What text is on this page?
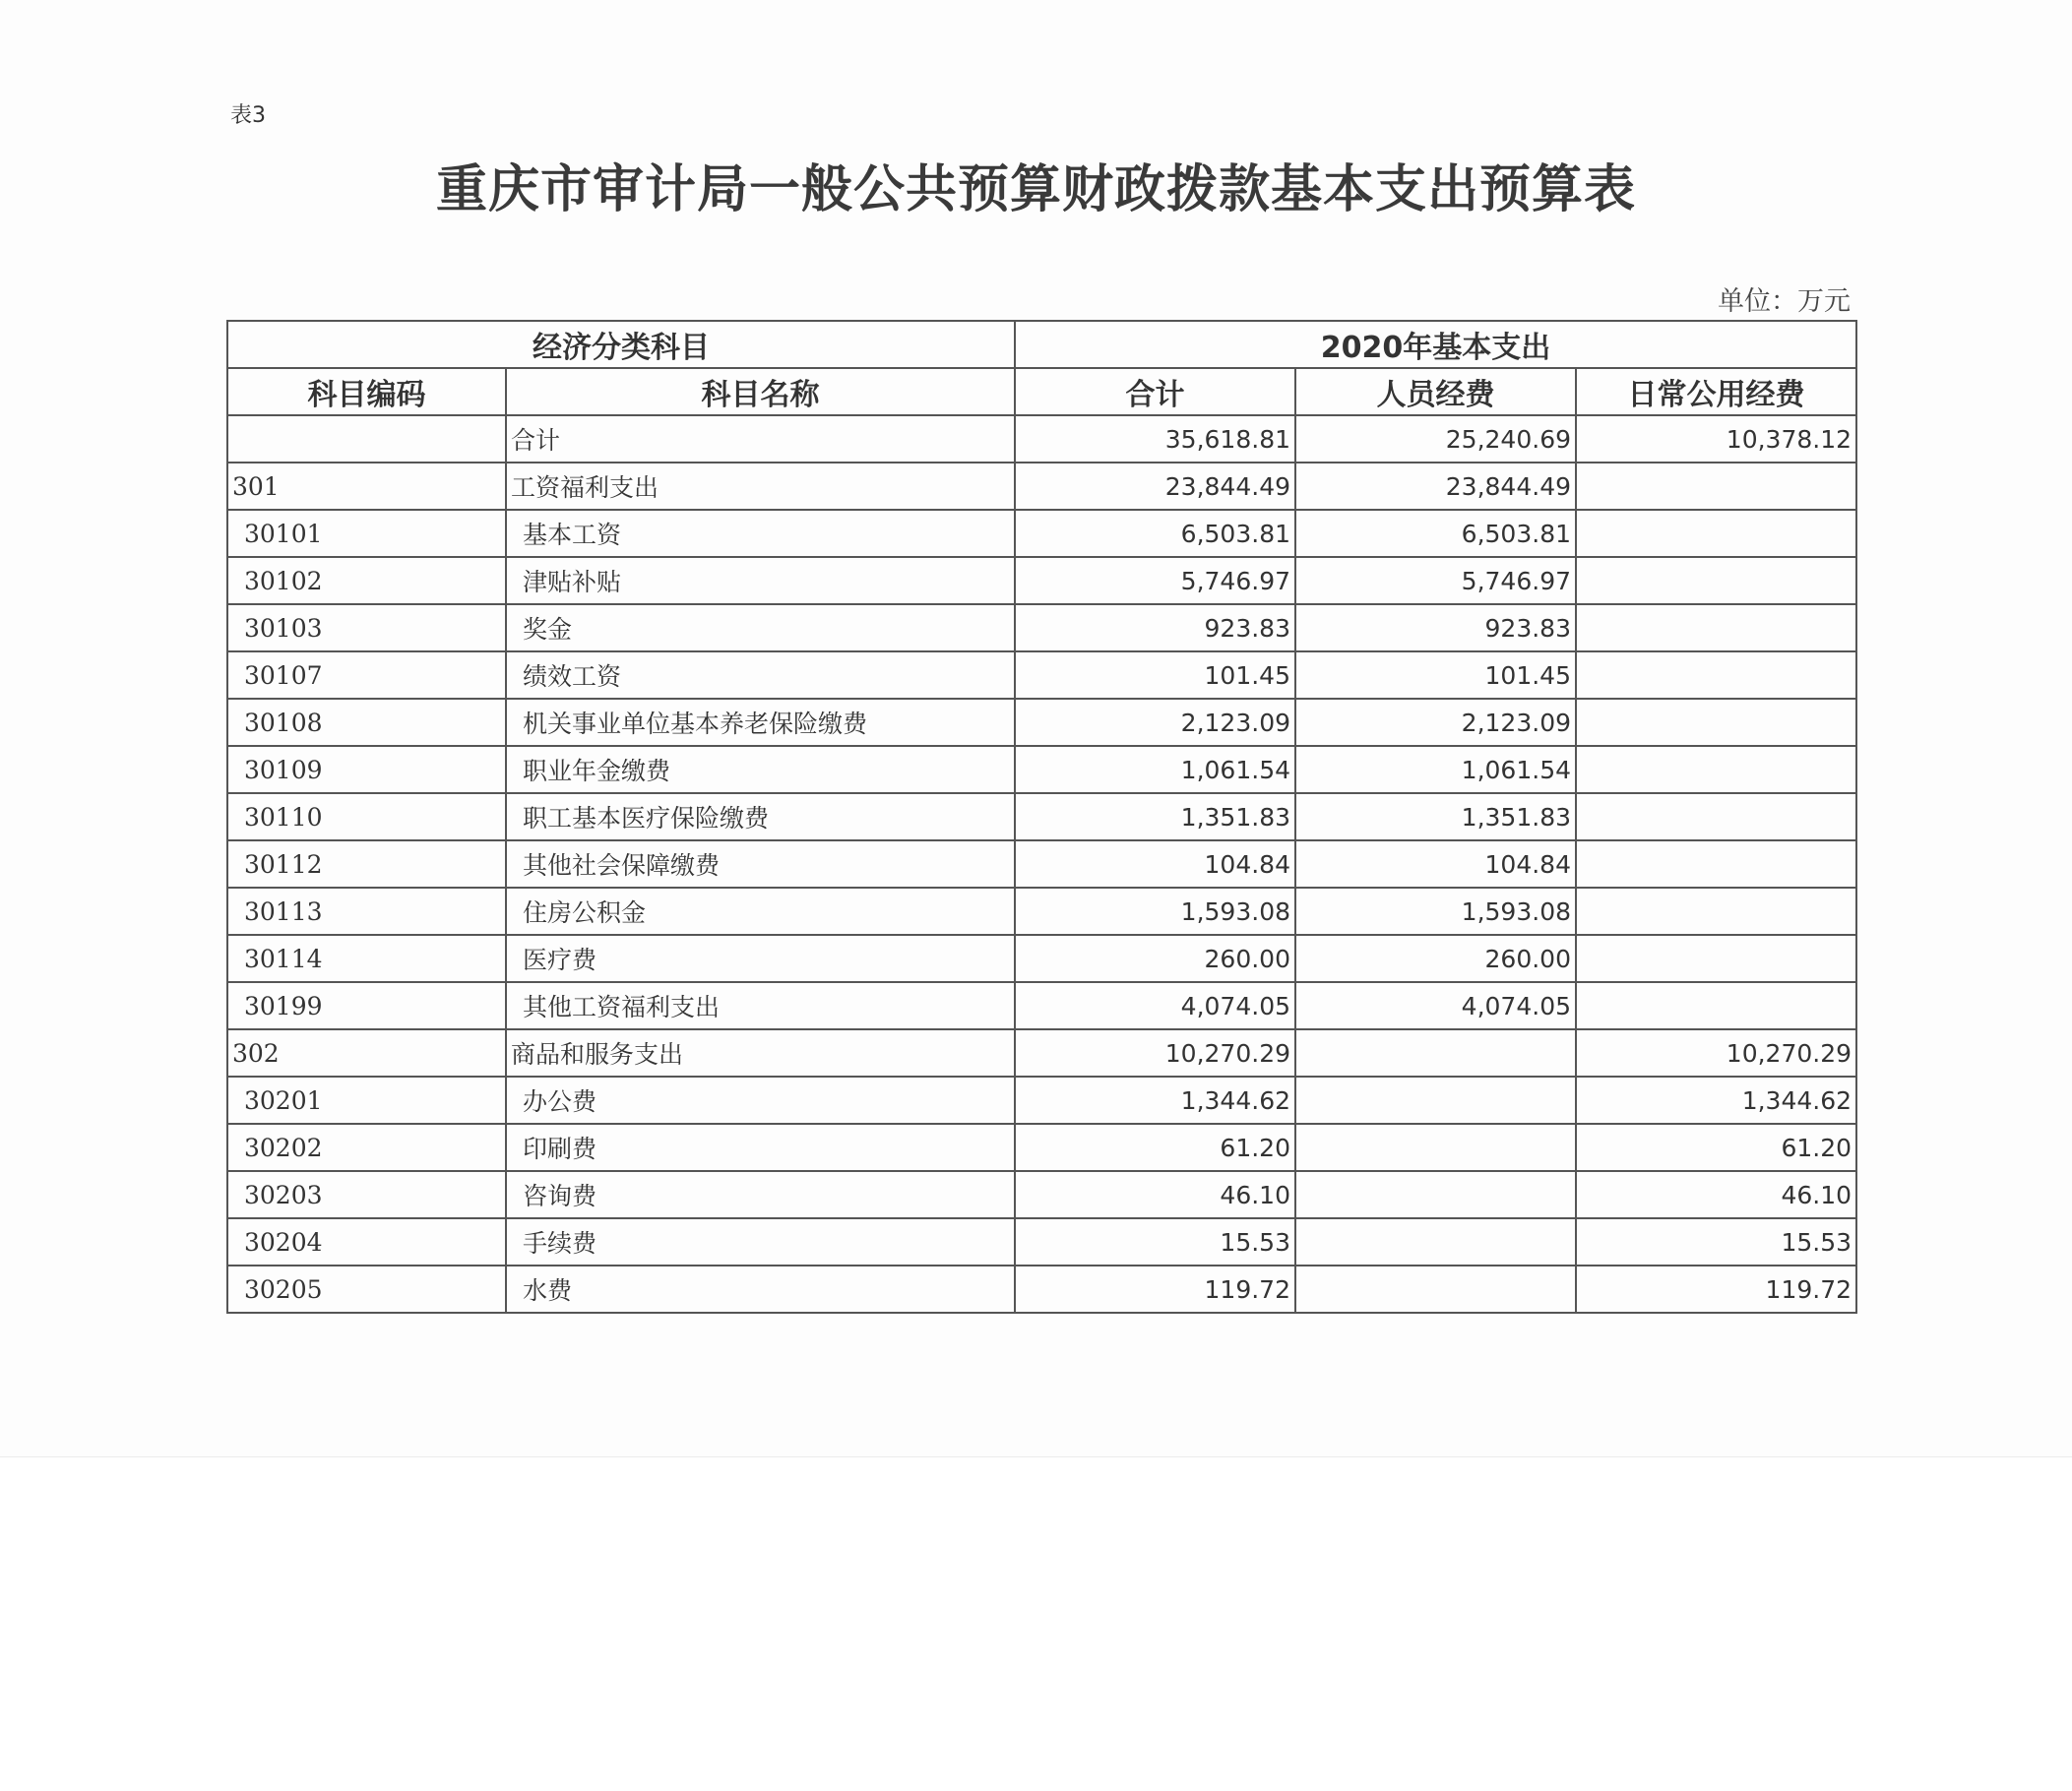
表3
重庆市审计局一般公共预算财政拨款基本支出预算表
单位：万元
经济分类科目		2020年基本支出		
科目编码	科目名称	合计	人员经费	日常公用经费
	合计	35,618.81	25,240.69	10,378.12
301	工资福利支出	23,844.49	23,844.49	
30101	基本工资	6,503.81	6,503.81	
30102	津贴补贴	5,746.97	5,746.97	
30103	奖金	923.83	923.83	
30107	绩效工资	101.45	101.45	
30108	机关事业单位基本养老保险缴费	2,123.09	2,123.09	
30109	职业年金缴费	1,061.54	1,061.54	
30110	职工基本医疗保险缴费	1,351.83	1,351.83	
30112	其他社会保障缴费	104.84	104.84	
30113	住房公积金	1,593.08	1,593.08	
30114	医疗费	260.00	260.00	
30199	其他工资福利支出	4,074.05	4,074.05	
302	商品和服务支出	10,270.29		10,270.29
30201	办公费	1,344.62		1,344.62
30202	印刷费	61.20		61.20
30203	咨询费	46.10		46.10
30204	手续费	15.53		15.53
30205	水费	119.72		119.72
